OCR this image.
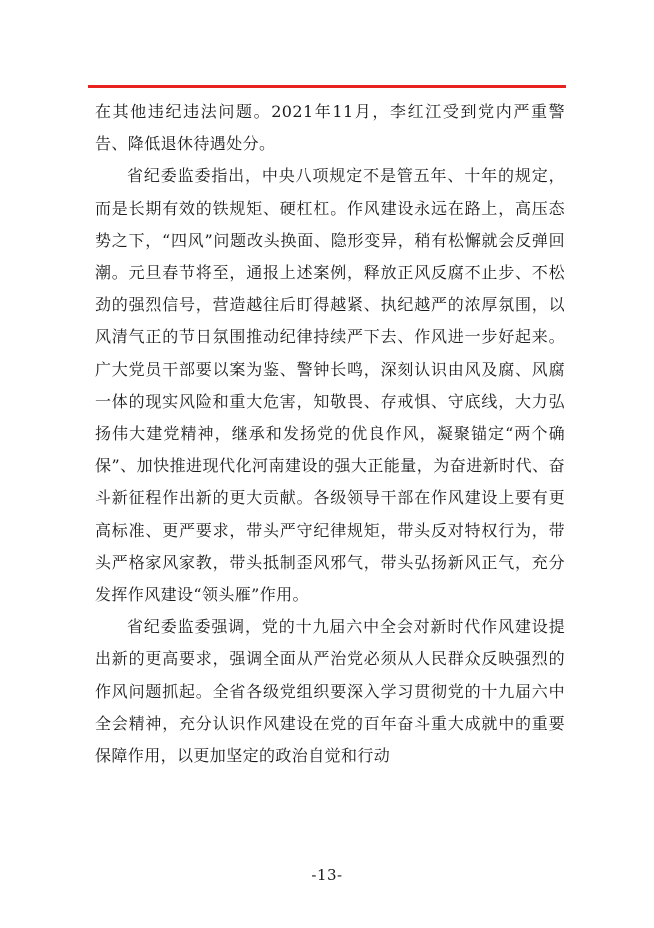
在其他违纪违法问题。2021年11月，李红江受到党内严重警告、降低退休待遇处分。

省纪委监委指出，中央八项规定不是管五年、十年的规定，而是长期有效的铁规矩、硬杠杠。作风建设永远在路上，高压态势之下，“四风”问题改头换面、隐形变异，稍有松懈就会反弹回潮。元旦春节将至，通报上述案例，释放正风反腐不止步、不松劲的强烈信号，营造越往后盯得越紧、执纪越严的浓厚氛围，以风清气正的节日氛围推动纪律持续严下去、作风进一步好起来。广大党员干部要以案为鉴、警钟长鸣，深刻认识由风及腐、风腐一体的现实风险和重大危害，知敬畏、存戒惧、守底线，大力弘扬伟大建党精神，继承和发扬党的优良作风，凝聚锚定“两个确保”、加快推进现代化河南建设的强大正能量，为奋进新时代、奋斗新征程作出新的更大贡献。各级领导干部在作风建设上要有更高标准、更严要求，带头严守纪律规矩，带头反对特权行为，带头严格家风家教，带头抵制歪风邪气，带头弘扬新风正气，充分发挥作风建设“领头雁”作用。

省纪委监委强调，党的十九届六中全会对新时代作风建设提出新的更高要求，强调全面从严治党必须从人民群众反映强烈的作风问题抓起。全省各级党组织要深入学习贯彻党的十九届六中全会精神，充分认识作风建设在党的百年奋斗重大成就中的重要保障作用，以更加坚定的政治自觉和行动

-13-
